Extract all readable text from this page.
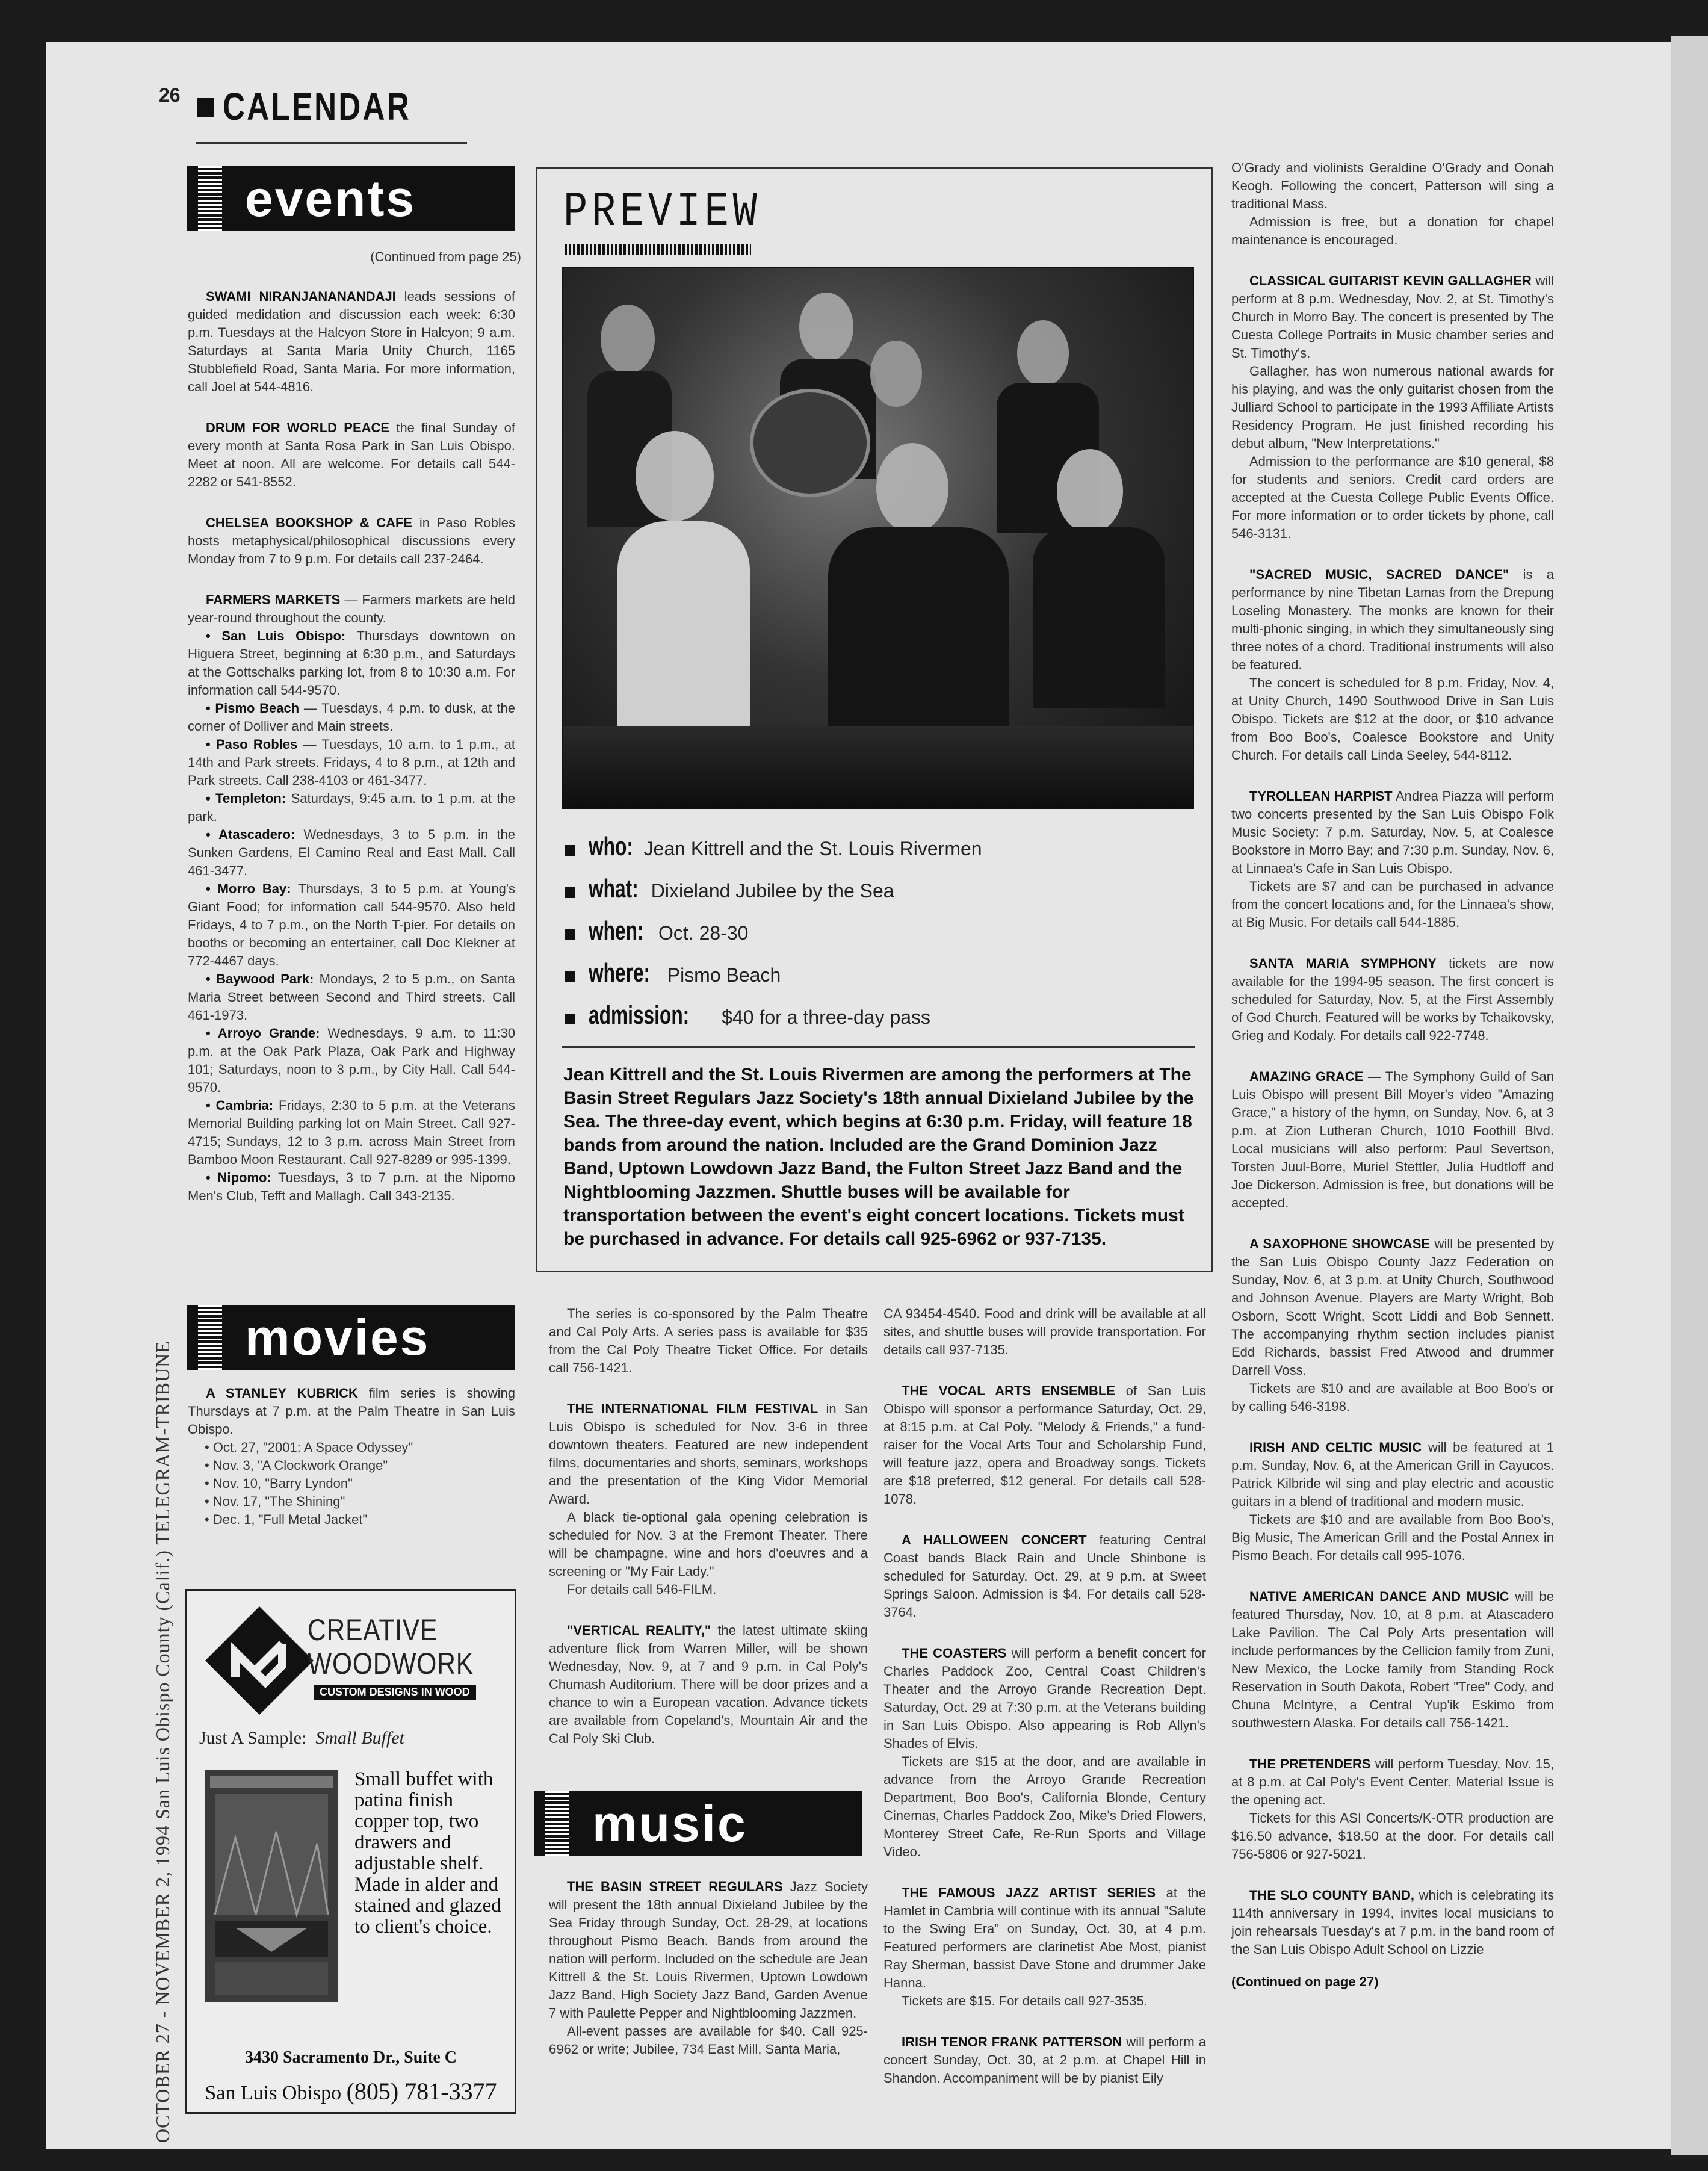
26 CALENDAR
events
(Continued from page 25)

SWAMI NIRANJANANANDAJI leads sessions of guided medidation and discussion each week: 6:30 p.m. Tuesdays at the Halcyon Store in Halcyon; 9 a.m. Saturdays at Santa Maria Unity Church, 1165 Stubblefield Road, Santa Maria. For more information, call Joel at 544-4816.

DRUM FOR WORLD PEACE the final Sunday of every month at Santa Rosa Park in San Luis Obispo. Meet at noon. All are welcome. For details call 544-2282 or 541-8552.

CHELSEA BOOKSHOP & CAFE in Paso Robles hosts metaphysical/philosophical discussions every Monday from 7 to 9 p.m. For details call 237-2464.

FARMERS MARKETS — Farmers markets are held year-round throughout the county.

• San Luis Obispo: Thursdays downtown on Higuera Street, beginning at 6:30 p.m., and Saturdays at the Gottschalks parking lot, from 8 to 10:30 a.m. For information call 544-9570.

• Pismo Beach — Tuesdays, 4 p.m. to dusk, at the corner of Dolliver and Main streets.

• Paso Robles — Tuesdays, 10 a.m. to 1 p.m., at 14th and Park streets. Fridays, 4 to 8 p.m., at 12th and Park streets. Call 238-4103 or 461-3477.

• Templeton: Saturdays, 9:45 a.m. to 1 p.m. at the park.

• Atascadero: Wednesdays, 3 to 5 p.m. in the Sunken Gardens, El Camino Real and East Mall. Call 461-3477.

• Morro Bay: Thursdays, 3 to 5 p.m. at Young's Giant Food; for information call 544-9570. Also held Fridays, 4 to 7 p.m., on the North T-pier. For details on booths or becoming an entertainer, call Doc Klekner at 772-4467 days.

• Baywood Park: Mondays, 2 to 5 p.m., on Santa Maria Street between Second and Third streets. Call 461-1973.

• Arroyo Grande: Wednesdays, 9 a.m. to 11:30 p.m. at the Oak Park Plaza, Oak Park and Highway 101; Saturdays, noon to 3 p.m., by City Hall. Call 544-9570.

• Cambria: Fridays, 2:30 to 5 p.m. at the Veterans Memorial Building parking lot on Main Street. Call 927-4715; Sundays, 12 to 3 p.m. across Main Street from Bamboo Moon Restaurant. Call 927-8289 or 995-1399.

• Nipomo: Tuesdays, 3 to 7 p.m. at the Nipomo Men's Club, Tefft and Mallagh. Call 343-2135.

movies

A STANLEY KUBRICK film series is showing Thursdays at 7 p.m. at the Palm Theatre in San Luis Obispo.

• Oct. 27, "2001: A Space Odyssey"
• Nov. 3, "A Clockwork Orange"
• Nov. 10, "Barry Lyndon"
• Nov. 17, "The Shining"
• Dec. 1, "Full Metal Jacket"
CREATIVE
WOODWORK
CUSTOM DESIGNS IN WOOD
Just A Sample: Small Buffet
Small buffet with patina finish copper top, two drawers and adjustable shelf. Made in alder and stained and glazed to client's choice.
3430 Sacramento Dr., Suite C
San Luis Obispo (805) 781-3377
PREVIEW
who: Jean Kittrell and the St. Louis Rivermen
what: Dixieland Jubilee by the Sea
when: Oct. 28-30
where: Pismo Beach
admission: $40 for a three-day pass
Jean Kittrell and the St. Louis Rivermen are among the performers at The Basin Street Regulars Jazz Society's 18th annual Dixieland Jubilee by the Sea. The three-day event, which begins at 6:30 p.m. Friday, will feature 18 bands from around the nation. Included are the Grand Dominion Jazz Band, Uptown Lowdown Jazz Band, the Fulton Street Jazz Band and the Nightblooming Jazzmen. Shuttle buses will be available for transportation between the event's eight concert locations. Tickets must be purchased in advance. For details call 925-6962 or 937-7135.

The series is co-sponsored by the Palm Theatre and Cal Poly Arts. A series pass is available for $35 from the Cal Poly Theatre Ticket Office. For details call 756-1421.

THE INTERNATIONAL FILM FESTIVAL in San Luis Obispo is scheduled for Nov. 3-6 in three downtown theaters. Featured are new independent films, documentaries and shorts, seminars, workshops and the presentation of the King Vidor Memorial Award.

A black tie-optional gala opening celebration is scheduled for Nov. 3 at the Fremont Theater. There will be champagne, wine and hors d'oeuvres and a screening or "My Fair Lady."

For details call 546-FILM.

"VERTICAL REALITY," the latest ultimate skiing adventure flick from Warren Miller, will be shown Wednesday, Nov. 9, at 7 and 9 p.m. in Cal Poly's Chumash Auditorium. There will be door prizes and a chance to win a European vacation. Advance tickets are available from Copeland's, Mountain Air and the Cal Poly Ski Club.

music

THE BASIN STREET REGULARS Jazz Society will present the 18th annual Dixieland Jubilee by the Sea Friday through Sunday, Oct. 28-29, at locations throughout Pismo Beach. Bands from around the nation will perform. Included on the schedule are Jean Kittrell & the St. Louis Rivermen, Uptown Lowdown Jazz Band, High Society Jazz Band, Garden Avenue 7 with Paulette Pepper and Nightblooming Jazzmen.

All-event passes are available for $40. Call 925-6962 or write; Jubilee, 734 East Mill, Santa Maria,

CA 93454-4540. Food and drink will be available at all sites, and shuttle buses will provide transportation. For details call 937-7135.

THE VOCAL ARTS ENSEMBLE of San Luis Obispo will sponsor a performance Saturday, Oct. 29, at 8:15 p.m. at Cal Poly. "Melody & Friends," a fund-raiser for the Vocal Arts Tour and Scholarship Fund, will feature jazz, opera and Broadway songs. Tickets are $18 preferred, $12 general. For details call 528-1078.

A HALLOWEEN CONCERT featuring Central Coast bands Black Rain and Uncle Shinbone is scheduled for Saturday, Oct. 29, at 9 p.m. at Sweet Springs Saloon. Admission is $4. For details call 528-3764.

THE COASTERS will perform a benefit concert for Charles Paddock Zoo, Central Coast Children's Theater and the Arroyo Grande Recreation Dept. Saturday, Oct. 29 at 7:30 p.m. at the Veterans building in San Luis Obispo. Also appearing is Rob Allyn's Shades of Elvis.

Tickets are $15 at the door, and are available in advance from the Arroyo Grande Recreation Department, Boo Boo's, California Blonde, Century Cinemas, Charles Paddock Zoo, Mike's Dried Flowers, Monterey Street Cafe, Re-Run Sports and Village Video.

THE FAMOUS JAZZ ARTIST SERIES at the Hamlet in Cambria will continue with its annual "Salute to the Swing Era" on Sunday, Oct. 30, at 4 p.m. Featured performers are clarinetist Abe Most, pianist Ray Sherman, bassist Dave Stone and drummer Jake Hanna.

Tickets are $15. For details call 927-3535.

IRISH TENOR FRANK PATTERSON will perform a concert Sunday, Oct. 30, at 2 p.m. at Chapel Hill in Shandon. Accompaniment will be by pianist Eily

O'Grady and violinists Geraldine O'Grady and Oonah Keogh. Following the concert, Patterson will sing a traditional Mass.

Admission is free, but a donation for chapel maintenance is encouraged.

CLASSICAL GUITARIST KEVIN GALLAGHER will perform at 8 p.m. Wednesday, Nov. 2, at St. Timothy's Church in Morro Bay. The concert is presented by The Cuesta College Portraits in Music chamber series and St. Timothy's.

Gallagher, has won numerous national awards for his playing, and was the only guitarist chosen from the Julliard School to participate in the 1993 Affiliate Artists Residency Program. He just finished recording his debut album, "New Interpretations."

Admission to the performance are $10 general, $8 for students and seniors. Credit card orders are accepted at the Cuesta College Public Events Office. For more information or to order tickets by phone, call 546-3131.

"SACRED MUSIC, SACRED DANCE" is a performance by nine Tibetan Lamas from the Drepung Loseling Monastery. The monks are known for their multi-phonic singing, in which they simultaneously sing three notes of a chord. Traditional instruments will also be featured.

The concert is scheduled for 8 p.m. Friday, Nov. 4, at Unity Church, 1490 Southwood Drive in San Luis Obispo. Tickets are $12 at the door, or $10 advance from Boo Boo's, Coalesce Bookstore and Unity Church. For details call Linda Seeley, 544-8112.

TYROLLEAN HARPIST Andrea Piazza will perform two concerts presented by the San Luis Obispo Folk Music Society: 7 p.m. Saturday, Nov. 5, at Coalesce Bookstore in Morro Bay; and 7:30 p.m. Sunday, Nov. 6, at Linnaea's Cafe in San Luis Obispo.

Tickets are $7 and can be purchased in advance from the concert locations and, for the Linnaea's show, at Big Music. For details call 544-1885.

SANTA MARIA SYMPHONY tickets are now available for the 1994-95 season. The first concert is scheduled for Saturday, Nov. 5, at the First Assembly of God Church. Featured will be works by Tchaikovsky, Grieg and Kodaly. For details call 922-7748.

AMAZING GRACE — The Symphony Guild of San Luis Obispo will present Bill Moyer's video "Amazing Grace," a history of the hymn, on Sunday, Nov. 6, at 3 p.m. at Zion Lutheran Church, 1010 Foothill Blvd. Local musicians will also perform: Paul Severtson, Torsten Juul-Borre, Muriel Stettler, Julia Hudtloff and Joe Dickerson. Admission is free, but donations will be accepted.

A SAXOPHONE SHOWCASE will be presented by the San Luis Obispo County Jazz Federation on Sunday, Nov. 6, at 3 p.m. at Unity Church, Southwood and Johnson Avenue. Players are Marty Wright, Bob Osborn, Scott Wright, Scott Liddi and Bob Sennett. The accompanying rhythm section includes pianist Edd Richards, bassist Fred Atwood and drummer Darrell Voss.

Tickets are $10 and are available at Boo Boo's or by calling 546-3198.

IRISH AND CELTIC MUSIC will be featured at 1 p.m. Sunday, Nov. 6, at the American Grill in Cayucos. Patrick Kilbride wil sing and play electric and acoustic guitars in a blend of traditional and modern music.

Tickets are $10 and are available from Boo Boo's, Big Music, The American Grill and the Postal Annex in Pismo Beach. For details call 995-1076.

NATIVE AMERICAN DANCE AND MUSIC will be featured Thursday, Nov. 10, at 8 p.m. at Atascadero Lake Pavilion. The Cal Poly Arts presentation will include performances by the Cellicion family from Zuni, New Mexico, the Locke family from Standing Rock Reservation in South Dakota, Robert "Tree" Cody, and Chuna McIntyre, a Central Yup'ik Eskimo from southwestern Alaska. For details call 756-1421.

THE PRETENDERS will perform Tuesday, Nov. 15, at 8 p.m. at Cal Poly's Event Center. Material Issue is the opening act.

Tickets for this ASI Concerts/K-OTR production are $16.50 advance, $18.50 at the door. For details call 756-5806 or 927-5021.

THE SLO COUNTY BAND, which is celebrating its 114th anniversary in 1994, invites local musicians to join rehearsals Tuesday's at 7 p.m. in the band room of the San Luis Obispo Adult School on Lizzie

(Continued on page 27)
OCTOBER 27 - NOVEMBER 2, 1994 San Luis Obispo County (Calif.) TELEGRAM-TRIBUNE
